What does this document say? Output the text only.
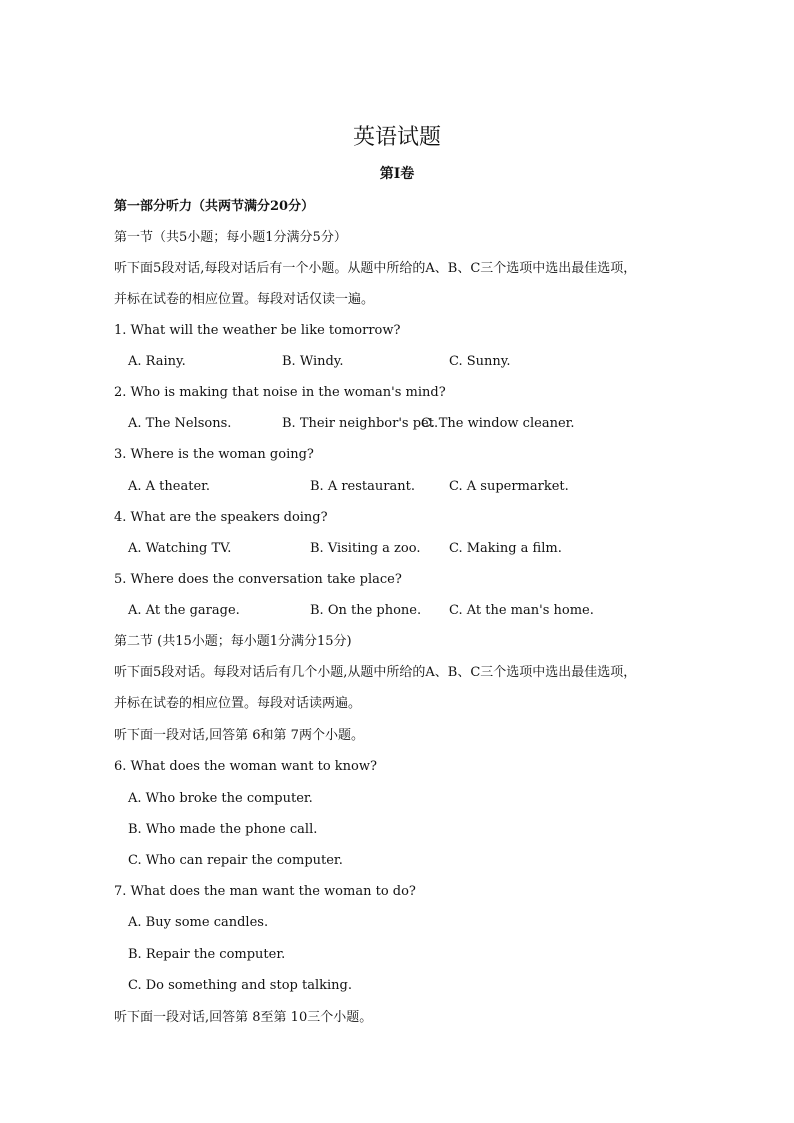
英语试题
第I卷
第一部分听力（共两节满分20分）
第一节（共5小题；每小题1分满分5分）
听下面5段对话,每段对话后有一个小题。从题中所给的A、B、C三个选项中选出最佳选项，
并标在试卷的相应位置。每段对话仅读一遍。
1. What will the weather be like tomorrow?
A. Rainy.	B. Windy.	C. Sunny.
2. Who is making that noise in the woman's mind?
A. The Nelsons.	B. Their neighbor's pet.
C. The window cleaner.
3. Where is the woman going?
A. A theater.	B. A restaurant.	C. A supermarket.
4. What are the speakers doing?
A. Watching TV.	B. Visiting a zoo. C. Making a film.
5. Where does the conversation take place?
A. At the garage.	B. On the phone. C. At the man's home.
第二节 (共15小题；每小题1分满分15分)
听下面5段对话。每段对话后有几个小题,从题中所给的A、B、C三个选项中选出最佳选项，
并标在试卷的相应位置。每段对话读两遍。
听下面一段对话,回答第 6和第 7两个小题。
6. What does the woman want to know?
A. Who broke the computer.
B. Who made the phone call.
C. Who can repair the computer.
7. What does the man want the woman to do?
A. Buy some candles.
B. Repair the computer.
C. Do something and stop talking.
听下面一段对话,回答第 8至第 10三个小题。
